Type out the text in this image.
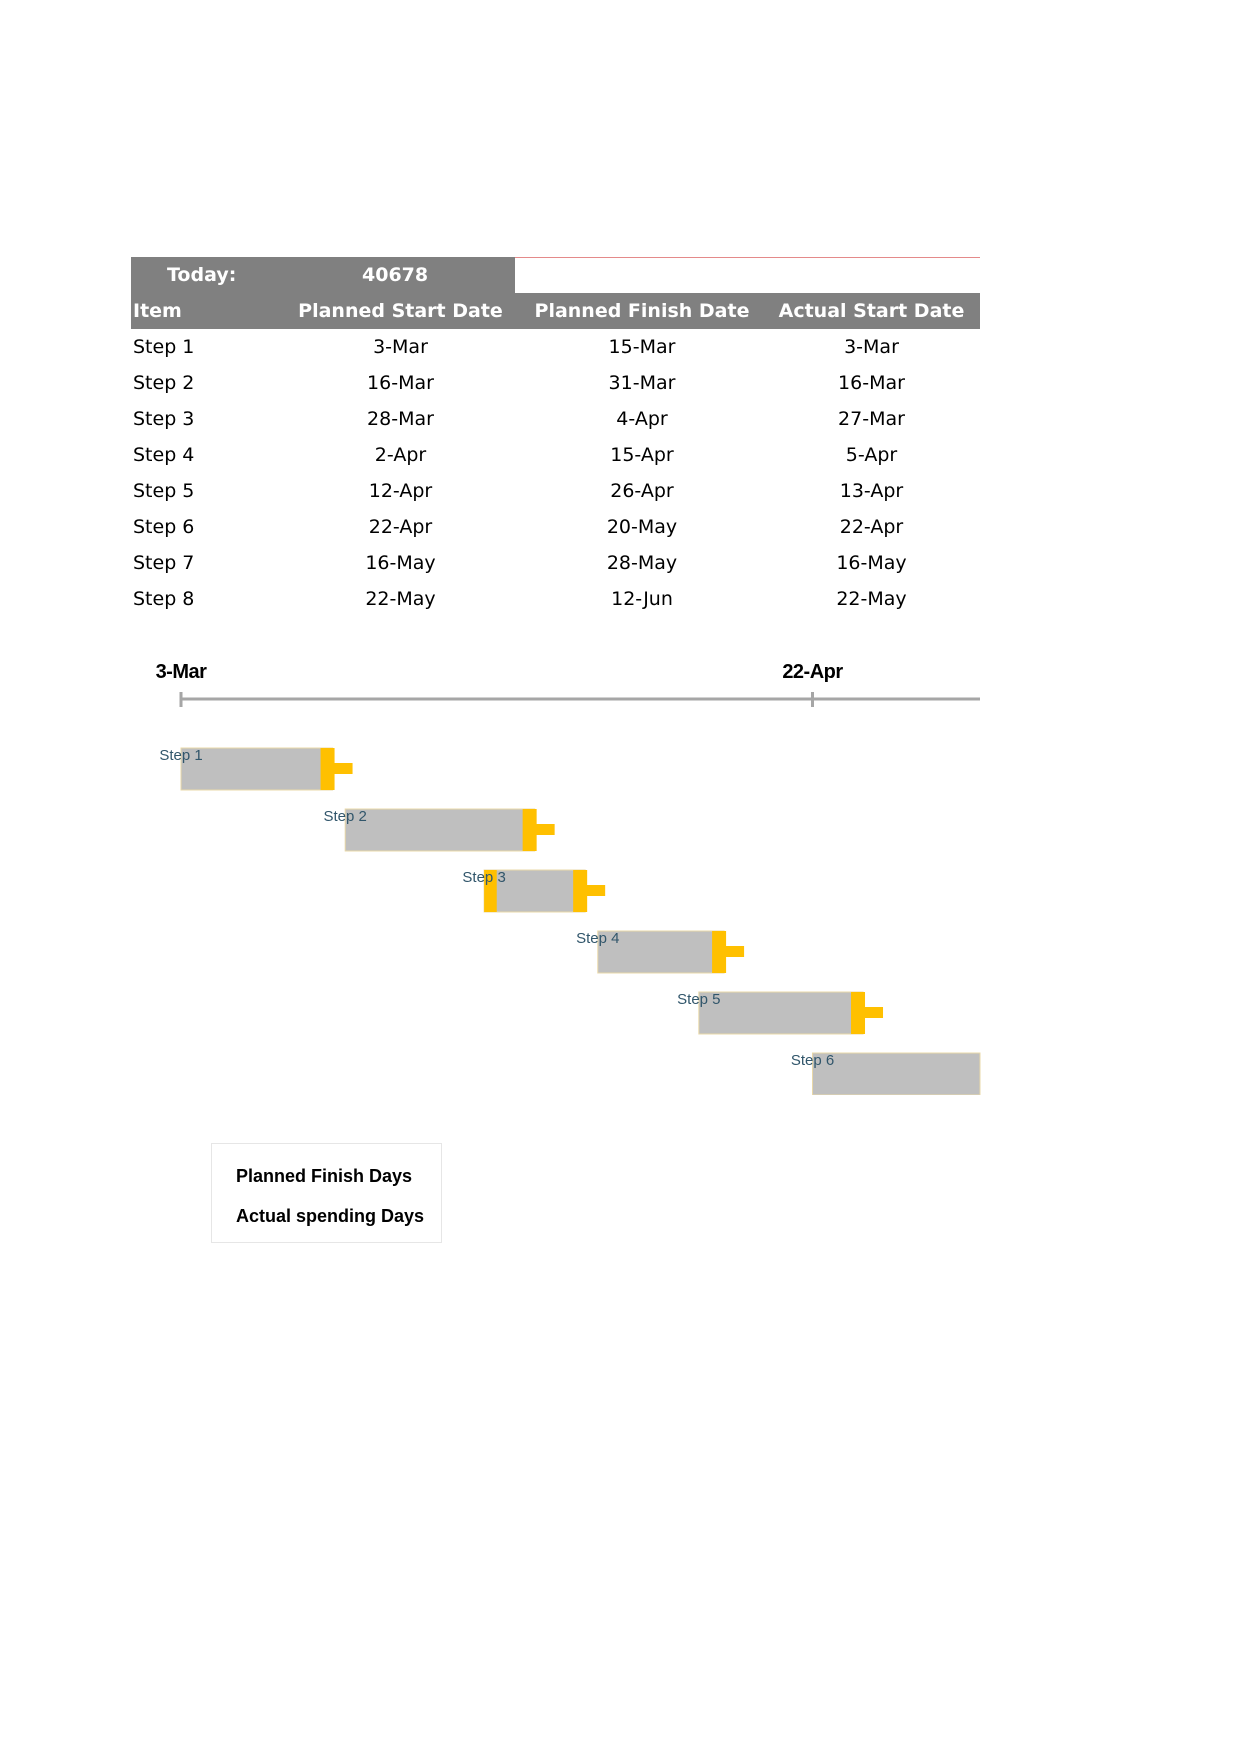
Today:	40678
Item	Planned Start Date	Planned Finish Date	Actual Start Date
Step 1	3-Mar	15-Mar	3-Mar
Step 2	16-Mar	31-Mar	16-Mar
Step 3	28-Mar	4-Apr	27-Mar
Step 4	2-Apr	15-Apr	5-Apr
Step 5	12-Apr	26-Apr	13-Apr
Step 6	22-Apr	20-May	22-Apr
Step 7	16-May	28-May	16-May
Step 8	22-May	12-Jun	22-May
3-Mar	22-Apr
Step 1
Step 2
Step 3
Step 4
Step 5
Step 6
Planned Finish Days
Actual spending Days
